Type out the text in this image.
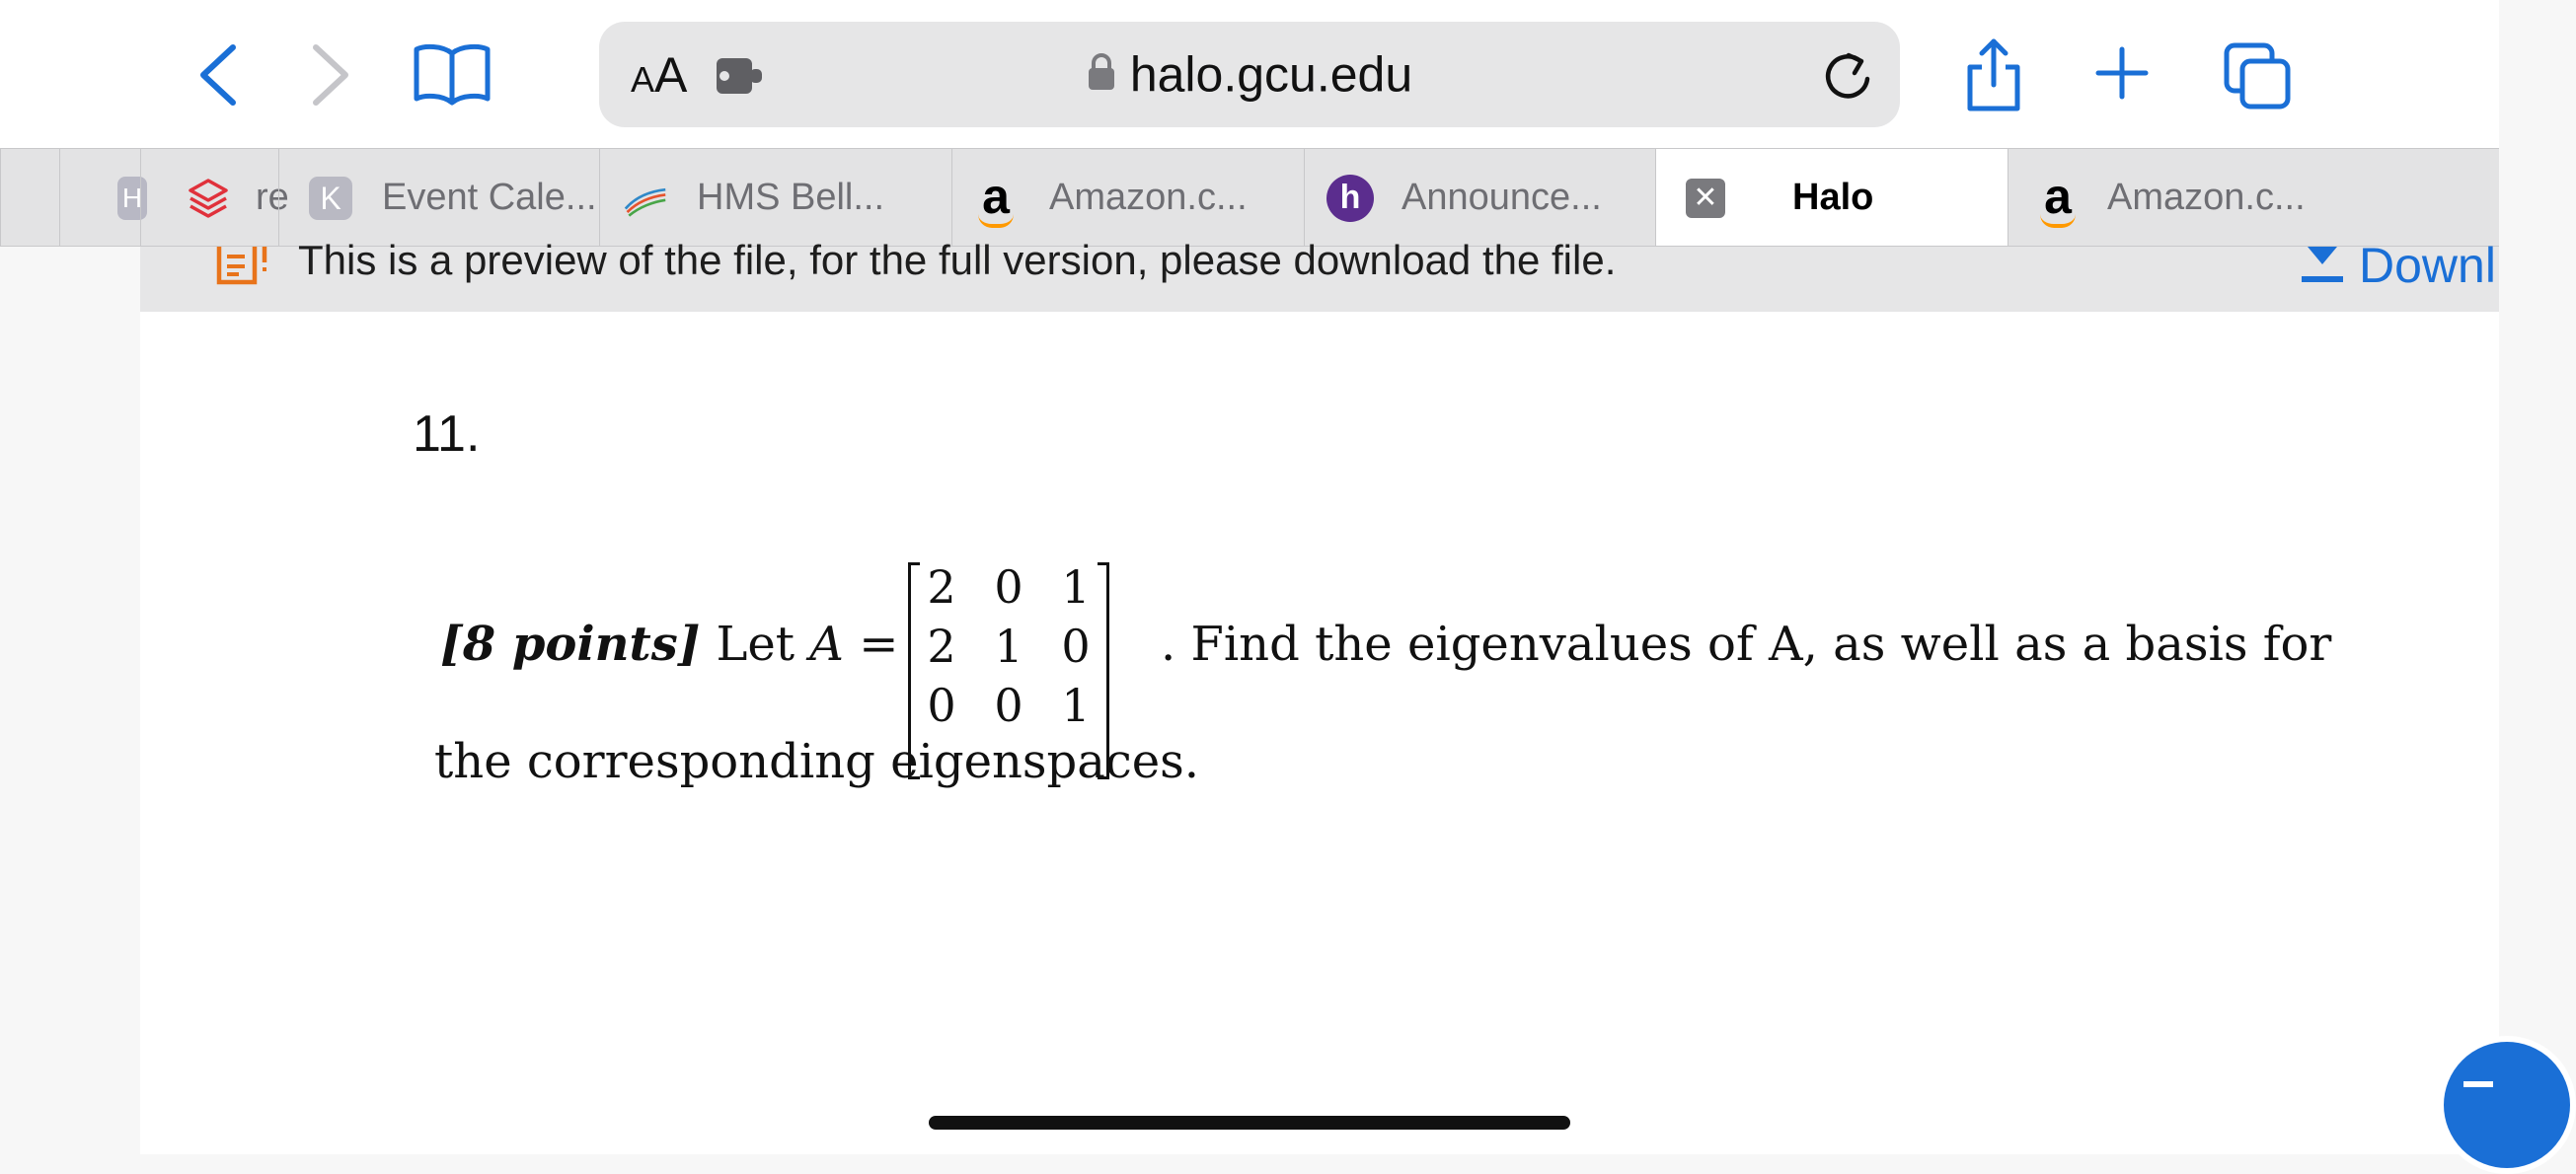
AA	halo.gcu.edu
H	re K Event Cale...	HMS Bell... a Amazon.c...	h	Announce...	✕ Halo	a Amazon.c...
This is a preview of the file, for the full version, please download the file.	Downl
11.
[8 points] Let A =
2 0 1
2 1 0
0 0 1
. Find the eigenvalues of A, as well as a basis for
the corresponding eigenspaces.
